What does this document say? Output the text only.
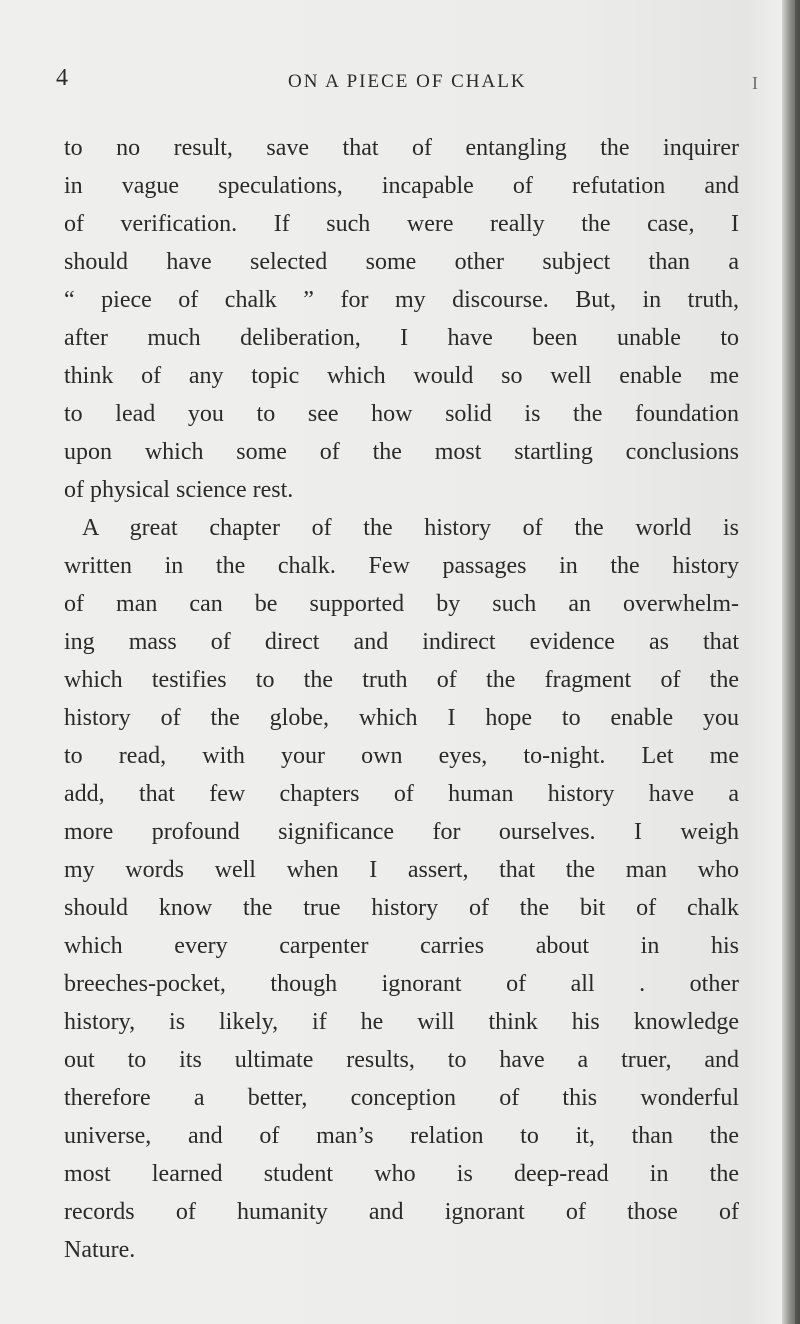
4	ON A PIECE OF CHALK	I
to no result, save that of entangling the inquirer
in vague speculations, incapable of refutation and
of verification. If such were really the case, I
should have selected some other subject than a
“ piece of chalk ” for my discourse. But, in truth,
after much deliberation, I have been unable to
think of any topic which would so well enable me
to lead you to see how solid is the foundation
upon which some of the most startling conclusions
of physical science rest.
A great chapter of the history of the world is
written in the chalk. Few passages in the history
of man can be supported by such an overwhelm-
ing mass of direct and indirect evidence as that
which testifies to the truth of the fragment of the
history of the globe, which I hope to enable you
to read, with your own eyes, to-night. Let me
add, that few chapters of human history have a
more profound significance for ourselves. I weigh
my words well when I assert, that the man who
should know the true history of the bit of chalk
which every carpenter carries about in his
breeches-pocket, though ignorant of all . other
history, is likely, if he will think his knowledge
out to its ultimate results, to have a truer, and
therefore a better, conception of this wonderful
universe, and of man’s relation to it, than the
most learned student who is deep-read in the
records of humanity and ignorant of those of
Nature.
